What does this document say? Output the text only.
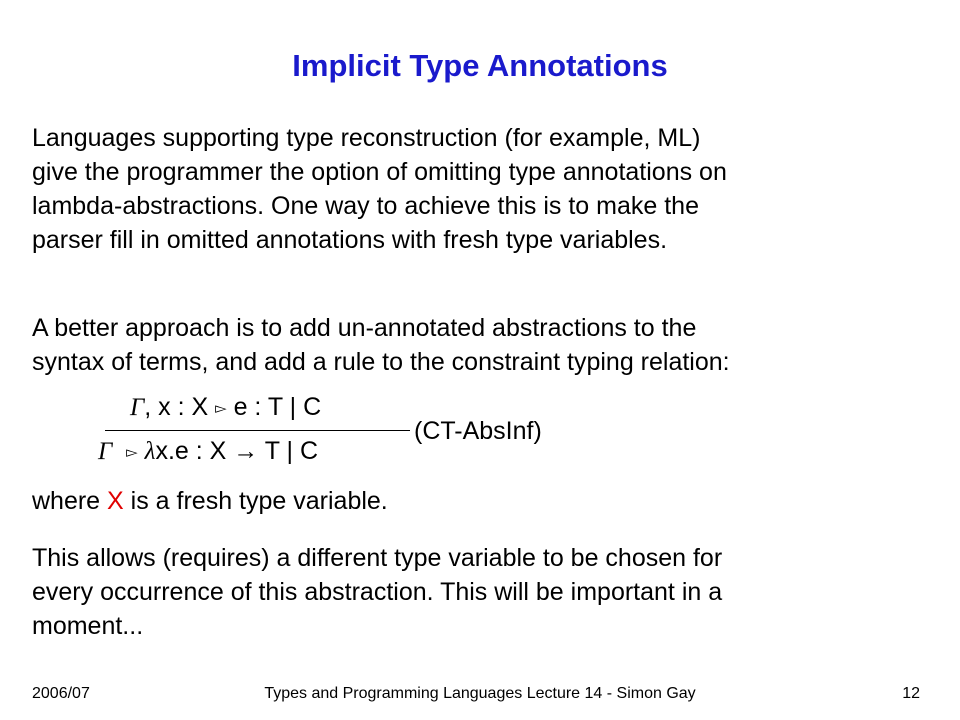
Implicit Type Annotations
Languages supporting type reconstruction (for example, ML)
give the programmer the option of omitting type annotations on
lambda-abstractions. One way to achieve this is to make the
parser fill in omitted annotations with fresh type variables.
A better approach is to add un-annotated abstractions to the
syntax of terms, and add a rule to the constraint typing relation:
Γ, x : X ▻ e : T | C
Γ ▻ λx.e : X → T | C
(CT-AbsInf)
where X is a fresh type variable.
This allows (requires) a different type variable to be chosen for
every occurrence of this abstraction. This will be important in a
moment...
Types and Programming Languages Lecture 14 - Simon Gay
2006/07	12
